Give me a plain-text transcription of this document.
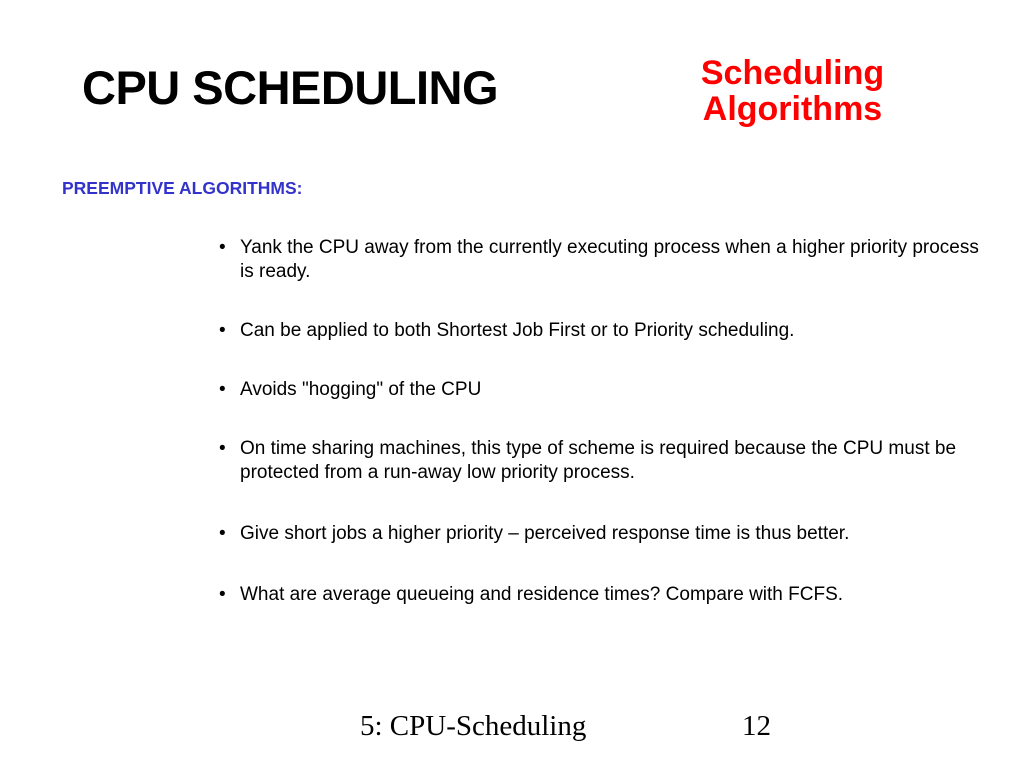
CPU SCHEDULING	Scheduling
Algorithms
PREEMPTIVE ALGORITHMS:
• Yank the CPU away from the currently executing process when a higher priority process is ready.
• Can be applied to both Shortest Job First or to Priority scheduling.
• Avoids "hogging" of the CPU
• On time sharing machines, this type of scheme is required because the CPU must be protected from a run-away low priority process.
• Give short jobs a higher priority – perceived response time is thus better.
• What are average queueing and residence times? Compare with FCFS.
5: CPU-Scheduling	12
